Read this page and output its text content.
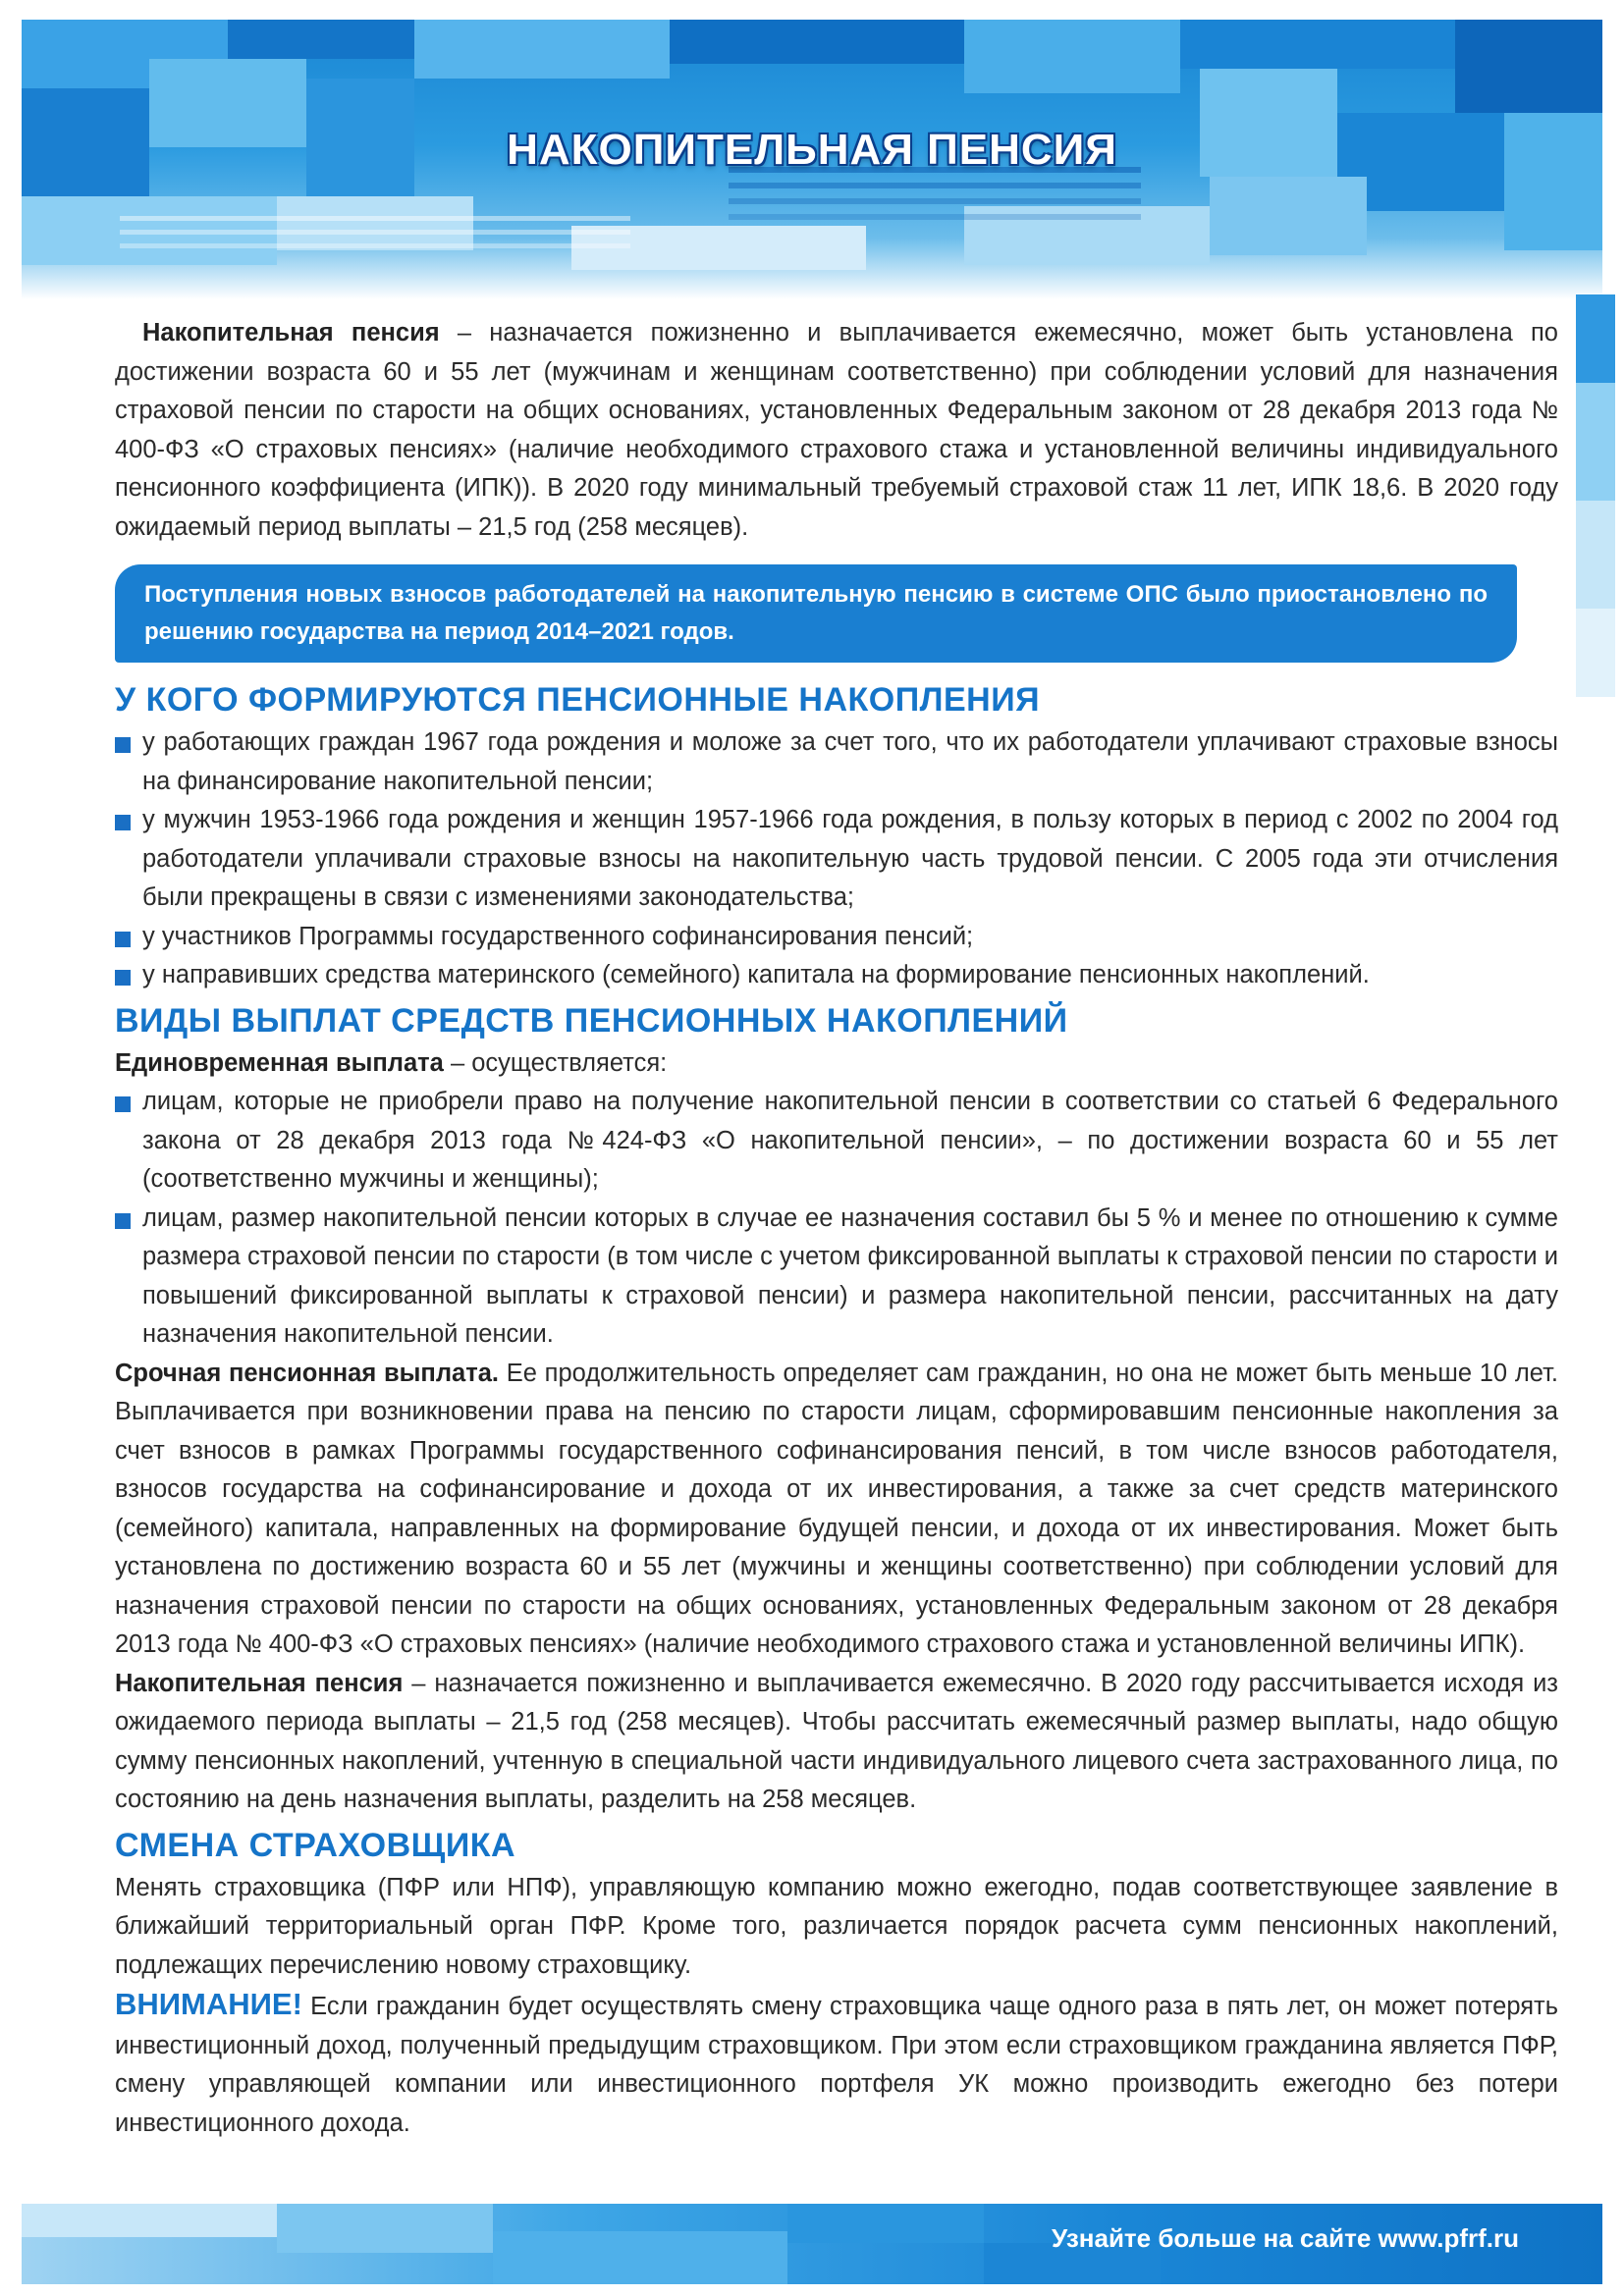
НАКОПИТЕЛЬНАЯ ПЕНСИЯ

Накопительная пенсия – назначается пожизненно и выплачивается ежемесячно, может быть установлена по достижении возраста 60 и 55 лет (мужчинам и женщинам соответственно) при соблюдении условий для назначения страховой пенсии по старости на общих основаниях, установленных Федеральным законом от 28 декабря 2013 года № 400-ФЗ «О страховых пенсиях» (наличие необходимого страхового стажа и установленной величины индивидуального пенсионного коэффициента (ИПК)). В 2020 году минимальный требуемый страховой стаж 11 лет, ИПК 18,6. В 2020 году ожидаемый период выплаты – 21,5 год (258 месяцев).

Поступления новых взносов работодателей на накопительную пенсию в системе ОПС было приостановлено по решению государства на период 2014–2021 годов.
У КОГО ФОРМИРУЮТСЯ ПЕНСИОННЫЕ НАКОПЛЕНИЯ
у работающих граждан 1967 года рождения и моложе за счет того, что их работодатели уплачивают страховые взносы на финансирование накопительной пенсии;
у мужчин 1953-1966 года рождения и женщин 1957-1966 года рождения, в пользу которых в период с 2002 по 2004 год работодатели уплачивали страховые взносы на накопительную часть трудовой пенсии. С 2005 года эти отчисления были прекращены в связи с изменениями законодательства;
у участников Программы государственного софинансирования пенсий;
у направивших средства материнского (семейного) капитала на формирование пенсионных накоплений.
ВИДЫ ВЫПЛАТ СРЕДСТВ ПЕНСИОННЫХ НАКОПЛЕНИЙ

Единовременная выплата – осуществляется:

лицам, которые не приобрели право на получение накопительной пенсии в соответствии со статьей 6 Федерального закона от 28 декабря 2013 года №424-ФЗ «О накопительной пенсии», – по достижении возраста 60 и 55 лет (соответственно мужчины и женщины);
лицам, размер накопительной пенсии которых в случае ее назначения составил бы 5 % и менее по отношению к сумме размера страховой пенсии по старости (в том числе с учетом фиксированной выплаты к страховой пенсии по старости и повышений фиксированной выплаты к страховой пенсии) и размера накопительной пенсии, рассчитанных на дату назначения накопительной пенсии.

Срочная пенсионная выплата. Ее продолжительность определяет сам гражданин, но она не может быть меньше 10 лет. Выплачивается при возникновении права на пенсию по старости лицам, сформировавшим пенсионные накопления за счет взносов в рамках Программы государственного софинансирования пенсий, в том числе взносов работодателя, взносов государства на софинансирование и дохода от их инвестирования, а также за счет средств материнского (семейного) капитала, направленных на формирование будущей пенсии, и дохода от их инвестирования. Может быть установлена по достижению возраста 60 и 55 лет (мужчины и женщины соответственно) при соблюдении условий для назначения страховой пенсии по старости на общих основаниях, установленных Федеральным законом от 28 декабря 2013 года № 400-ФЗ «О страховых пенсиях» (наличие необходимого страхового стажа и установленной величины ИПК).

Накопительная пенсия – назначается пожизненно и выплачивается ежемесячно. В 2020 году рассчитывается исходя из ожидаемого периода выплаты – 21,5 год (258 месяцев). Чтобы рассчитать ежемесячный размер выплаты, надо общую сумму пенсионных накоплений, учтенную в специальной части индивидуального лицевого счета застрахованного лица, по состоянию на день назначения выплаты, разделить на 258 месяцев.

СМЕНА СТРАХОВЩИКА

Менять страховщика (ПФР или НПФ), управляющую компанию можно ежегодно, подав соответствующее заявление в ближайший территориальный орган ПФР. Кроме того, различается порядок расчета сумм пенсионных накоплений, подлежащих перечислению новому страховщику.

ВНИМАНИЕ! Если гражданин будет осуществлять смену страховщика чаще одного раза в пять лет, он может потерять инвестиционный доход, полученный предыдущим страховщиком. При этом если страховщиком гражданина является ПФР, смену управляющей компании или инвестиционного портфеля УК можно производить ежегодно без потери инвестиционного дохода.

Узнайте больше на сайте www.pfrf.ru
